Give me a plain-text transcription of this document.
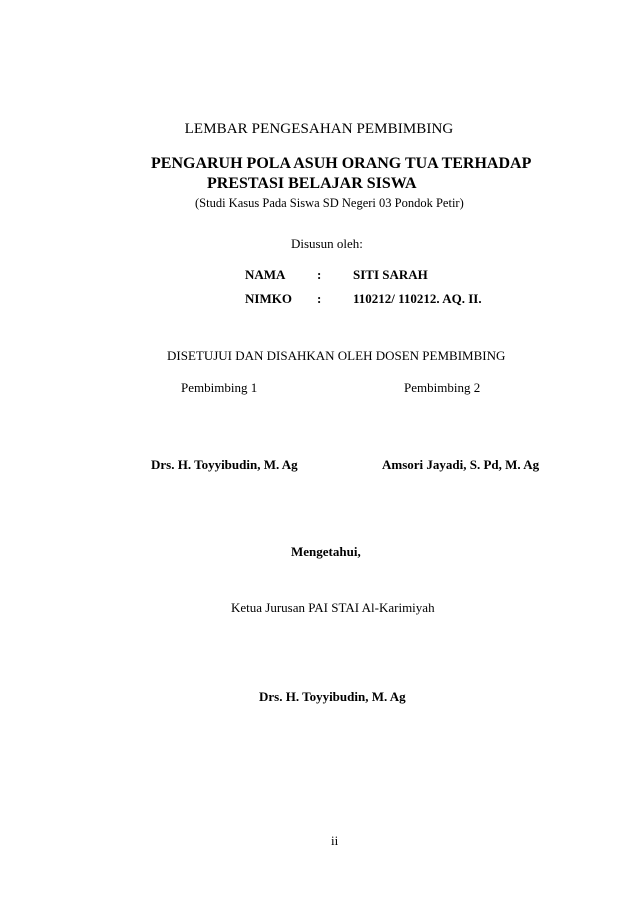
LEMBAR PENGESAHAN PEMBIMBING
PENGARUH POLA ASUH ORANG TUA TERHADAP
PRESTASI BELAJAR SISWA
(Studi Kasus Pada Siswa SD Negeri 03 Pondok Petir)
Disusun oleh:
NAMA : SITI SARAH
NIMKO : 110212/ 110212. AQ. II.
DISETUJUI DAN DISAHKAN OLEH DOSEN PEMBIMBING
Pembimbing 1	Pembimbing 2
Drs. H. Toyyibudin, M. Ag	Amsori Jayadi, S. Pd, M. Ag
Mengetahui,
Ketua Jurusan PAI STAI Al-Karimiyah
Drs. H. Toyyibudin, M. Ag
ii
